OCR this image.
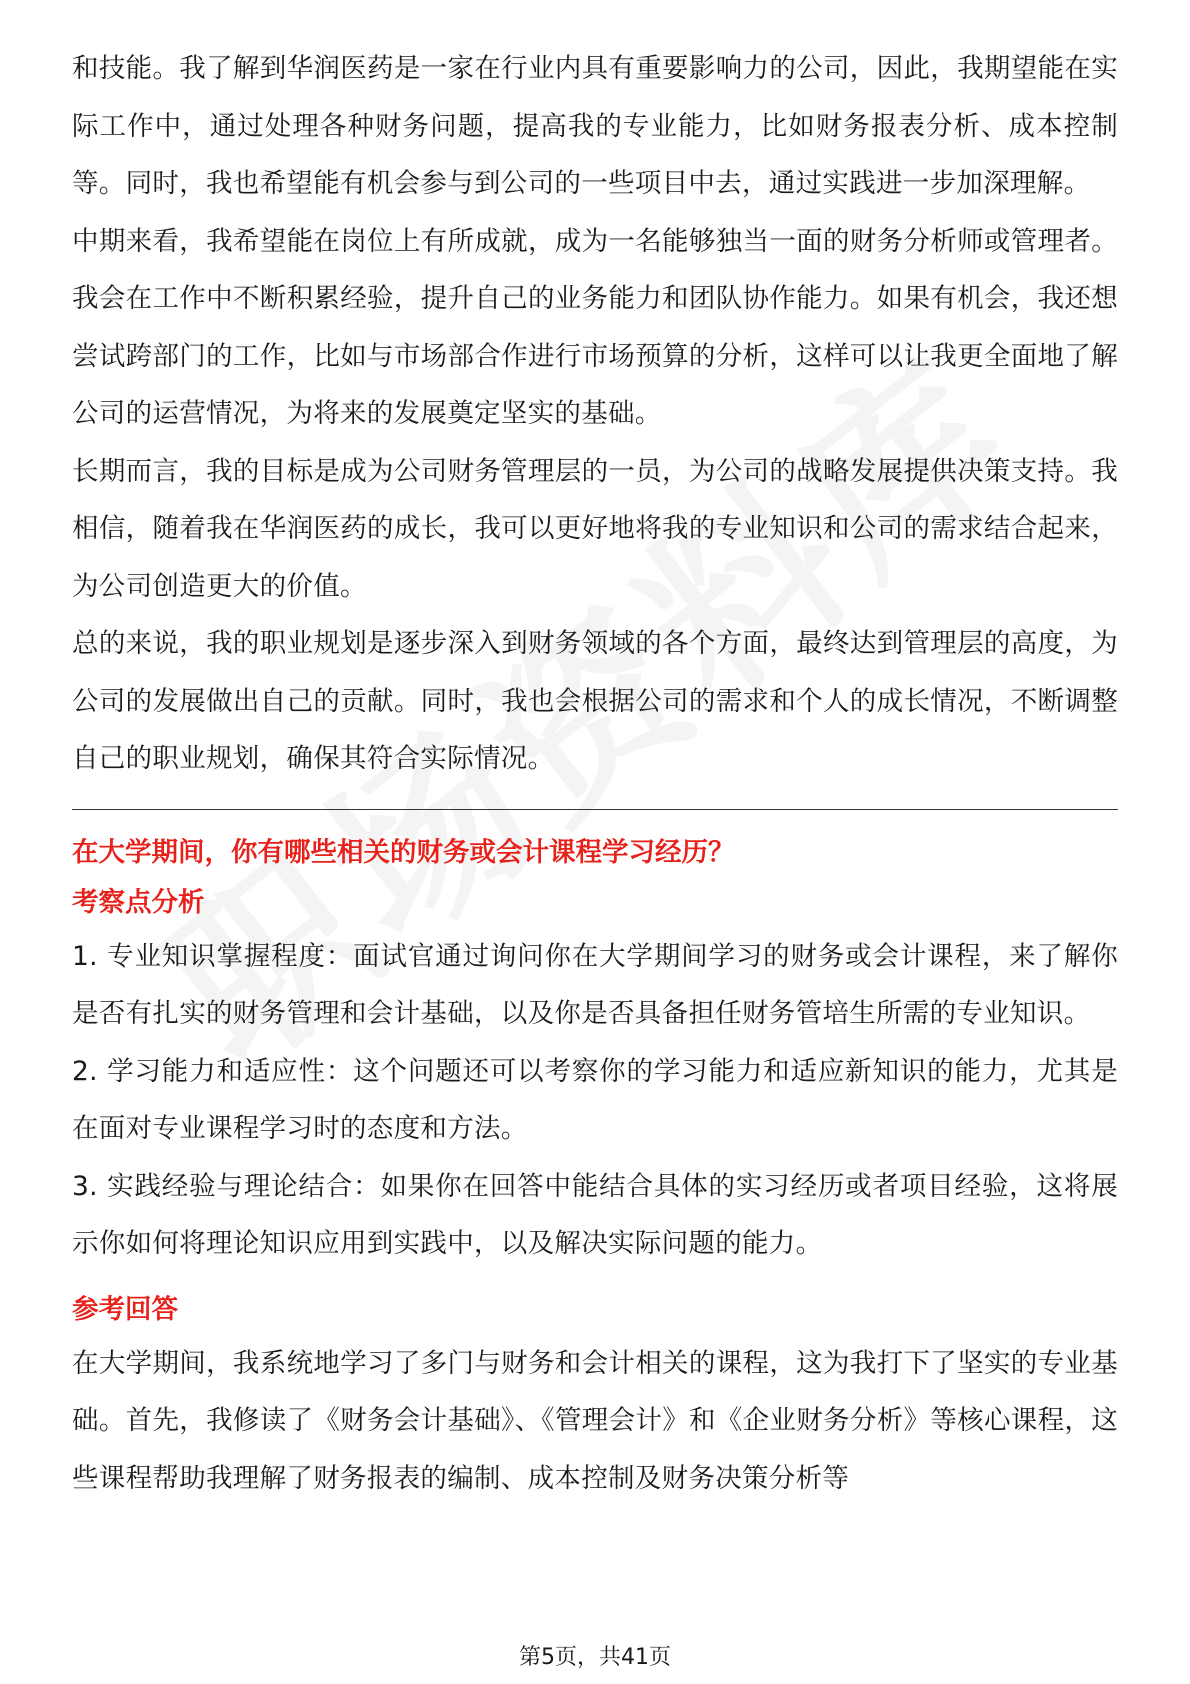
和技能。我了解到华润医药是一家在行业内具有重要影响力的公司，因此，我期望能在实际工作中，通过处理各种财务问题，提高我的专业能力，比如财务报表分析、成本控制等。同时，我也希望能有机会参与到公司的一些项目中去，通过实践进一步加深理解。

中期来看，我希望能在岗位上有所成就，成为一名能够独当一面的财务分析师或管理者。我会在工作中不断积累经验，提升自己的业务能力和团队协作能力。如果有机会，我还想尝试跨部门的工作，比如与市场部合作进行市场预算的分析，这样可以让我更全面地了解公司的运营情况，为将来的发展奠定坚实的基础。

长期而言，我的目标是成为公司财务管理层的一员，为公司的战略发展提供决策支持。我相信，随着我在华润医药的成长，我可以更好地将我的专业知识和公司的需求结合起来，为公司创造更大的价值。

总的来说，我的职业规划是逐步深入到财务领域的各个方面，最终达到管理层的高度，为公司的发展做出自己的贡献。同时，我也会根据公司的需求和个人的成长情况，不断调整自己的职业规划，确保其符合实际情况。

在大学期间，你有哪些相关的财务或会计课程学习经历？

考察点分析

1. 专业知识掌握程度：面试官通过询问你在大学期间学习的财务或会计课程，来了解你是否有扎实的财务管理和会计基础，以及你是否具备担任财务管培生所需的专业知识。

2. 学习能力和适应性：这个问题还可以考察你的学习能力和适应新知识的能力，尤其是在面对专业课程学习时的态度和方法。

3. 实践经验与理论结合：如果你在回答中能结合具体的实习经历或者项目经验，这将展示你如何将理论知识应用到实践中，以及解决实际问题的能力。

参考回答

在大学期间，我系统地学习了多门与财务和会计相关的课程，这为我打下了坚实的专业基础。首先，我修读了《财务会计基础》、《管理会计》和《企业财务分析》等核心课程，这些课程帮助我理解了财务报表的编制、成本控制及财务决策分析等

第5页，共41页
